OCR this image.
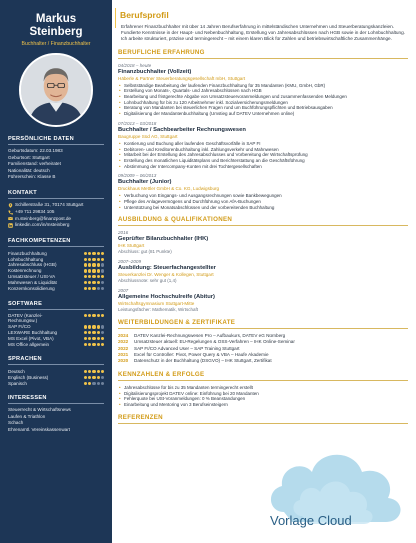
Markus
Steinberg
Buchhalter / Finanzbuchhalter
PERSÖNLICHE DATEN
Geburtsdatum: 22.03.1983
Geburtsort: Stuttgart
Familienstand: verheiratet
Nationalität: deutsch
Führerschein: Klasse B
KONTAKT
Schillerstraße 31, 70174 Stuttgart
+49 711 29834 105
m.steinberg@finanzpost.de
linkedin.com/in/msteinberg
FACHKOMPETENZEN
Finanzbuchhaltung
Lohnbuchhaltung
Jahresabschluss (HGB)
Kostenrechnung
Umsatzsteuer / USt-VA
Mahnwesen & Liquidität
Konzernkonsolidierung
SOFTWARE
DATEV (Kanzlei-Rechnungsw.)
SAP FI/CO
LEXWARE Buchhaltung
MS Excel (Pivot, VBA)
MS Office allgemein
SPRACHEN
Deutsch
Englisch (Business)
Spanisch
INTERESSEN
Steuerrecht & Wirtschaftsnews
Laufen & Triathlon
Schach
Ehrenamtl. Vereinskassenwart
Berufsprofil

Erfahrener Finanzbuchhalter mit über 14 Jahren Berufserfahrung in mittelständischen Unternehmen und Steuerberatungskanzleien. Fundierte Kenntnisse in der Haupt- und Nebenbuchhaltung, Erstellung von Jahresabschlüssen nach HGB sowie in der Lohnbuchhaltung. Ich arbeite strukturiert, präzise und termingerecht – mit einem klaren Blick für Zahlen und betriebswirtschaftliche Zusammenhänge.

BERUFLICHE ERFAHRUNG
04/2018 – heute
Finanzbuchhalter (Vollzeit)
Häberle & Partner Steuerberatungsgesellschaft mbH, Stuttgart
• Selbstständige Bearbeitung der laufenden Finanzbuchhaltung für 35 Mandanten (KMU, GmbH, GbR)
• Erstellung von Monats-, Quartals- und Jahresabschlüssen nach HGB
• Bearbeitung und fristgerechte Abgabe von Umsatzsteuervoranmeldungen und zusammenfassenden Meldungen
• Lohnbuchhaltung für bis zu 120 Arbeitnehmer inkl. Sozialversicherungsmeldungen
• Beratung von Mandanten bei steuerlichen Fragen rund um Buchführungspflichten und Betriebsausgaben
• Digitalisierung der Mandantenbuchhaltung (Umstieg auf DATEV Unternehmen online)
07/2013 – 03/2018
Buchhalter / Sachbearbeiter Rechnungswesen
Baugruppe Süd AG, Stuttgart
• Kontierung und Buchung aller laufenden Geschäftsvorfälle in SAP FI
• Debitoren- und Kreditorenbuchhaltung inkl. Zahlungsverkehr und Mahnwesen
• Mitarbeit bei der Erstellung des Jahresabschlusses und Vorbereitung der Wirtschaftsprüfung
• Erstellung des monatlichen Liquiditätsplans und Berichterstattung an die Geschäftsführung
• Abstimmung der Intercompany-Konten mit drei Tochtergesellschaften
09/2009 – 06/2013
Buchhalter (Junior)
Druckhaus Mettler GmbH & Co. KG, Ludwigsburg
• Verbuchung von Eingangs- und Ausgangsrechnungen sowie Bankbewegungen
• Pflege des Anlagevermögens und Durchführung von AfA-Buchungen
• Unterstützung bei Monatsabschlüssen und der vorbereitenden Buchhaltung
AUSBILDUNG & QUALIFIKATIONEN
2016
Geprüfter Bilanzbuchhalter (IHK)
IHK Stuttgart
Abschluss: gut (81 Punkte)
2007–2009
Ausbildung: Steuerfachangestellter
Steuerkanzlei Dr. Wenger & Kollegen, Stuttgart
Abschlussnote: sehr gut (1,4)
2007
Allgemeine Hochschulreife (Abitur)
Wirtschaftsgymnasium Stuttgart-Mitte
Leistungsfächer: Mathematik, Wirtschaft
WEITERBILDUNGEN & ZERTIFIKATE
2024	DATEV Kanzlei-Rechnungswesen Pro – Aufbaukurs, DATEV eG Nürnberg
2022	Umsatzsteuer aktuell: EU-Regelungen & OSS-Verfahren – IHK Online-Seminar
2022	SAP FI/CO Advanced User – SAP Training Stuttgart
2021	Excel für Controller: Pivot, Power Query & VBA – Haufe Akademie
2020	Datenschutz in der Buchhaltung (DSGVO) – IHK Stuttgart, Zertifikat
KENNZAHLEN & ERFOLGE
• Jahresabschlüsse für bis zu 35 Mandanten termingerecht erstellt
• Digitalisierungsprojekt DATEV online: Einführung bei 20 Mandanten
• Fehlerquote bei USt-Voranmeldungen: 0 % Beanstandungen
• Einarbeitung und Mentoring von 3 Berufseinsteigern
REFERENZEN
Vorlage Cloud
